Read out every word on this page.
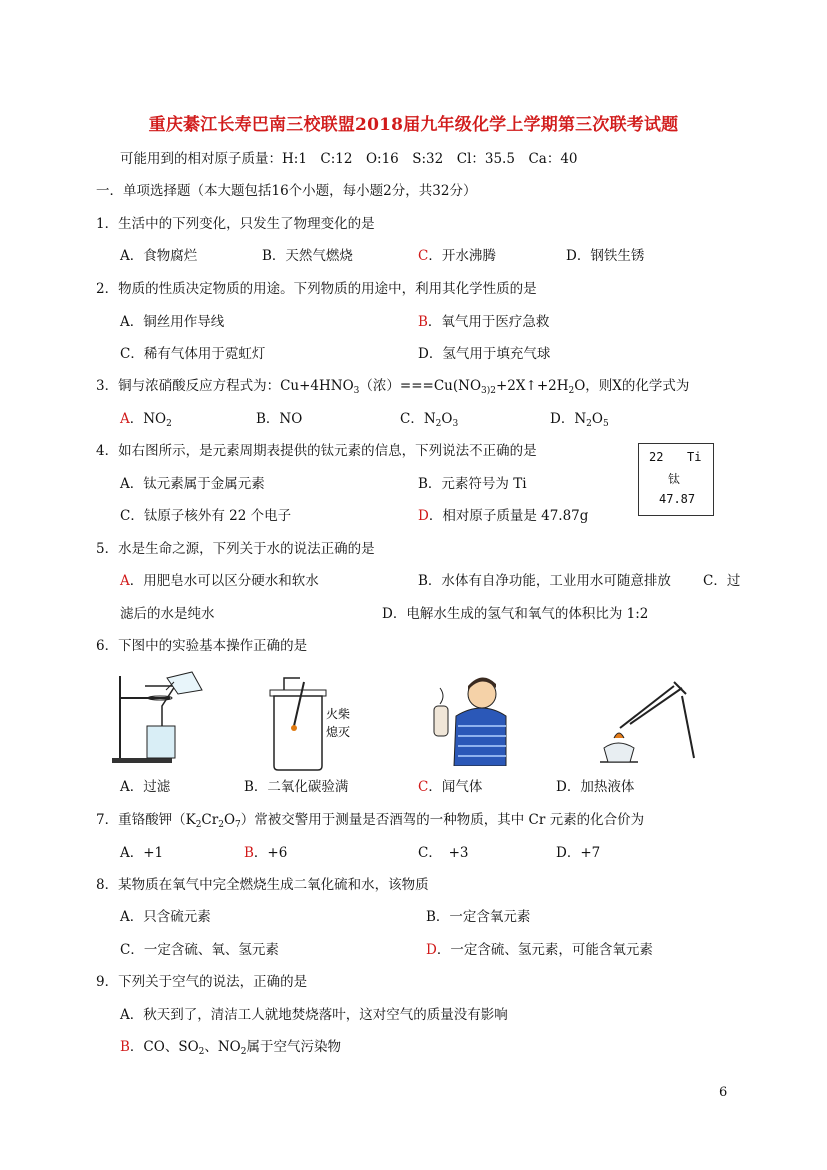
重庆綦江长寿巴南三校联盟2018届九年级化学上学期第三次联考试题
可能用到的相对原子质量：H:1　C:12　O:16　S:32　Cl：35.5　Ca：40
一．单项选择题（本大题包括16个小题，每小题2分，共32分）
1．生活中的下列变化，只发生了物理变化的是
A．食物腐烂	B．天然气燃烧	C．开水沸腾	D．钢铁生锈
2．物质的性质决定物质的用途。下列物质的用途中，利用其化学性质的是
A．铜丝用作导线	B．氧气用于医疗急救
C．稀有气体用于霓虹灯	D．氢气用于填充气球
3．铜与浓硝酸反应方程式为：$Cu+4HNO_3$（浓）$===Cu(NO_{3)2}+2X↑+2H_2O$，则X的化学式为
A．$NO_2$	B．NO	C．$N_2O_3$	D．$N_2O_5$
4．如右图所示，是元素周期表提供的钛元素的信息，下列说法不正确的是
A．钛元素属于金属元素	B．元素符号为 Ti
C．钛原子核外有 22 个电子	D．相对原子质量是 47.87g
22 Ti
钛
47.87
5．水是生命之源，下列关于水的说法正确的是
A．用肥皂水可以区分硬水和软水	B．水体有自净功能，工业用水可随意排放 C．过
滤后的水是纯水	D．电解水生成的氢气和氧气的体积比为 1:2
6．下图中的实验基本操作正确的是
火柴
熄灭
A．过滤	B．二氧化碳验满	C．闻气体	D．加热液体
7．重铬酸钾$(K_2Cr_2O_7)$常被交警用于测量是否酒驾的一种物质，其中 Cr 元素的化合价为
A．+1	B．+6	C．　+3	D．+7
8．某物质在氧气中完全燃烧生成二氧化硫和水，该物质
A．只含硫元素	B．一定含氧元素
C．一定含硫、氧、氢元素	D．一定含硫、氢元素，可能含氧元素
9．下列关于空气的说法，正确的是
A．秋天到了，清洁工人就地焚烧落叶，这对空气的质量没有影响
B．CO、$SO_2$、$NO_2$属于空气污染物
6
